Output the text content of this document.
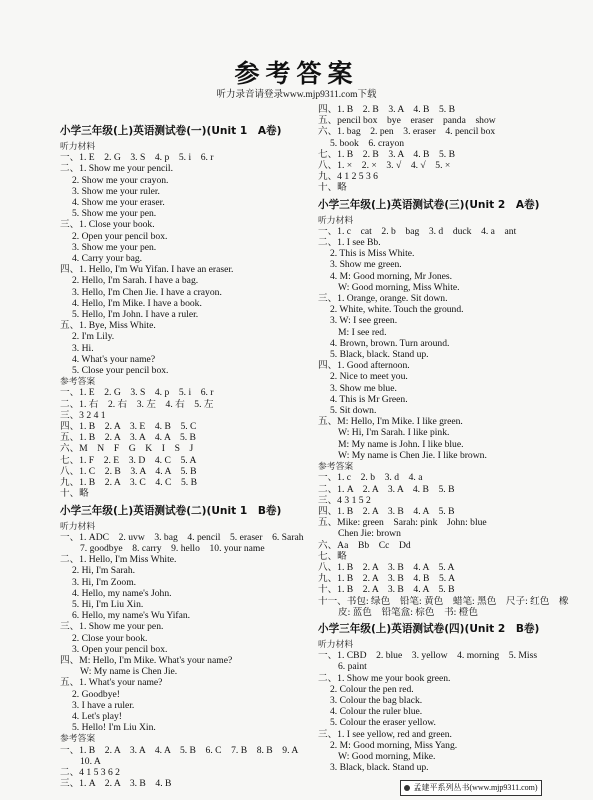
参考答案
听力录音请登录www.mjp9311.com下载
小学三年级(上)英语测试卷(一)(Unit 1　A卷)
听力材料
一、1. E　2. G　3. S　4. p　5. i　6. r
二、1. Show me your pencil.
2. Show me your crayon.
3. Show me your ruler.
4. Show me your eraser.
5. Show me your pen.
三、1. Close your book.
2. Open your pencil box.
3. Show me your pen.
4. Carry your bag.
四、1. Hello, I'm Wu Yifan. I have an eraser.
2. Hello, I'm Sarah. I have a bag.
3. Hello, I'm Chen Jie. I have a crayon.
4. Hello, I'm Mike. I have a book.
5. Hello, I'm John. I have a ruler.
五、1. Bye, Miss White.
2. I'm Lily.
3. Hi.
4. What's your name?
5. Close your pencil box.
参考答案
一、1. E　2. G　3. S　4. p　5. i　6. r
二、1. 右　2. 右　3. 左　4. 右　5. 左
三、3 2 4 1
四、1. B　2. A　3. E　4. B　5. C
五、1. B　2. A　3. A　4. A　5. B
六、M　N　F　G　K　I　S　J
七、1. F　2. E　3. D　4. C　5. A
八、1. C　2. B　3. A　4. A　5. B
九、1. B　2. A　3. C　4. C　5. B
十、略
小学三年级(上)英语测试卷(二)(Unit 1　B卷)
听力材料
一、1. ADC　2. uvw　3. bag　4. pencil　5. eraser　6. Sarah
7. goodbye　8. carry　9. hello　10. your name
二、1. Hello, I'm Miss White.
2. Hi, I'm Sarah.
3. Hi, I'm Zoom.
4. Hello, my name's John.
5. Hi, I'm Liu Xin.
6. Hello, my name's Wu Yifan.
三、1. Show me your pen.
2. Close your book.
3. Open your pencil box.
四、M: Hello, I'm Mike. What's your name?
W: My name is Chen Jie.
五、1. What's your name?
2. Goodbye!
3. I have a ruler.
4. Let's play!
5. Hello! I'm Liu Xin.
参考答案
一、1. B　2. A　3. A　4. A　5. B　6. C　7. B　8. B　9. A
10. A
二、4 1 5 3 6 2
三、1. A　2. A　3. B　4. B
四、1. B　2. B　3. A　4. B　5. B
五、pencil box　bye　eraser　panda　show
六、1. bag　2. pen　3. eraser　4. pencil box
5. book　6. crayon
七、1. B　2. B　3. A　4. B　5. B
八、1. ×　2. ×　3. √　4. √　5. ×
九、4 1 2 5 3 6
十、略
小学三年级(上)英语测试卷(三)(Unit 2　A卷)
听力材料
一、1. c　cat　2. b　bag　3. d　duck　4. a　ant
二、1. I see Bb.
2. This is Miss White.
3. Show me green.
4. M: Good morning, Mr Jones.
W: Good morning, Miss White.
三、1. Orange, orange. Sit down.
2. White, white. Touch the ground.
3. W: I see green.
M: I see red.
4. Brown, brown. Turn around.
5. Black, black. Stand up.
四、1. Good afternoon.
2. Nice to meet you.
3. Show me blue.
4. This is Mr Green.
5. Sit down.
五、M: Hello, I'm Mike. I like green.
W: Hi, I'm Sarah. I like pink.
M: My name is John. I like blue.
W: My name is Chen Jie. I like brown.
参考答案
一、1. c　2. b　3. d　4. a
二、1. A　2. A　3. A　4. B　5. B
三、4 3 1 5 2
四、1. B　2. A　3. B　4. A　5. B
五、Mike: green　Sarah: pink　John: blue
Chen Jie: brown
六、Aa　Bb　Cc　Dd
七、略
八、1. B　2. A　3. B　4. A　5. A
九、1. B　2. A　3. B　4. B　5. A
十、1. B　2. A　3. B　4. A　5. B
十一、书包: 绿色　铅笔: 黄色　蜡笔: 黑色　尺子: 红色　橡
皮: 蓝色　铅笔盒: 棕色　书: 橙色
小学三年级(上)英语测试卷(四)(Unit 2　B卷)
听力材料
一、1. CBD　2. blue　3. yellow　4. morning　5. Miss
6. paint
二、1. Show me your book green.
2. Colour the pen red.
3. Colour the bag black.
4. Colour the ruler blue.
5. Colour the eraser yellow.
三、1. I see yellow, red and green.
2. M: Good morning, Miss Yang.
W: Good morning, Mike.
3. Black, black. Stand up.
孟建平系列丛书(www.mjp9311.com)
